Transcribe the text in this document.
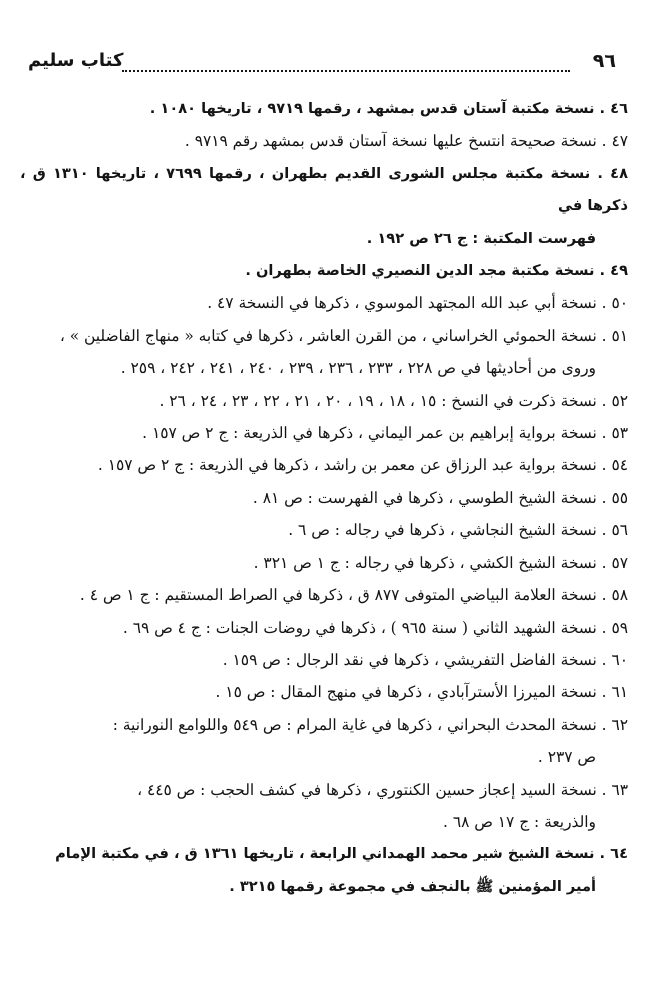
٩٦
كتاب سليم
٤٦ . نسخة مكتبة آستان قدس بمشهد ، رقمها ٩٧١٩ ، تاريخها ١٠٨٠ .
٤٧ . نسخة صحيحة انتسخ عليها نسخة آستان قدس بمشهد رقم ٩٧١٩ .
٤٨ . نسخة مكتبة مجلس الشورى القديم بطهران ، رقمها ٧٦٩٩ ، تاريخها ١٣١٠ ق ، ذكرها في
فهرست المكتبة : ج ٢٦ ص ١٩٢ .
٤٩ . نسخة مكتبة مجد الدين النصيري الخاصة بطهران .
٥٠ . نسخة أبي عبد الله المجتهد الموسوي ، ذكرها في النسخة ٤٧ .
٥١ . نسخة الحموئي الخراساني ، من القرن العاشر ، ذكرها في كتابه « منهاج الفاضلين » ،
وروى من أحاديثها في ص ٢٢٨ ، ٢٣٣ ، ٢٣٦ ، ٢٣٩ ، ٢٤٠ ، ٢٤١ ، ٢٤٢ ، ٢٥٩ .
٥٢ . نسخة ذكرت في النسخ : ١٥ ، ١٨ ، ١٩ ، ٢٠ ، ٢١ ، ٢٢ ، ٢٣ ، ٢٤ ، ٢٦ .
٥٣ . نسخة برواية إبراهيم بن عمر اليماني ، ذكرها في الذريعة : ج ٢ ص ١٥٧ .
٥٤ . نسخة برواية عبد الرزاق عن معمر بن راشد ، ذكرها في الذريعة : ج ٢ ص ١٥٧ .
٥٥ . نسخة الشيخ الطوسي ، ذكرها في الفهرست : ص ٨١ .
٥٦ . نسخة الشيخ النجاشي ، ذكرها في رجاله : ص ٦ .
٥٧ . نسخة الشيخ الكشي ، ذكرها في رجاله : ج ١ ص ٣٢١ .
٥٨ . نسخة العلامة البياضي المتوفى ٨٧٧ ق ، ذكرها في الصراط المستقيم : ج ١ ص ٤ .
٥٩ . نسخة الشهيد الثاني ( سنة ٩٦٥ ) ، ذكرها في روضات الجنات : ج ٤ ص ٦٩ .
٦٠ . نسخة الفاضل التفريشي ، ذكرها في نقد الرجال : ص ١٥٩ .
٦١ . نسخة الميرزا الأسترآبادي ، ذكرها في منهج المقال : ص ١٥ .
٦٢ . نسخة المحدث البحراني ، ذكرها في غاية المرام : ص ٥٤٩ واللوامع النورانية :
ص ٢٣٧ .
٦٣ . نسخة السيد إعجاز حسين الكنتوري ، ذكرها في كشف الحجب : ص ٤٤٥ ،
والذريعة : ج ١٧ ص ٦٨ .
٦٤ . نسخة الشيخ شير محمد الهمداني الرابعة ، تاريخها ١٣٦١ ق ، في مكتبة الإمام
أمير المؤمنين ﷺ بالنجف في مجموعة رقمها ٣٢١٥ .
